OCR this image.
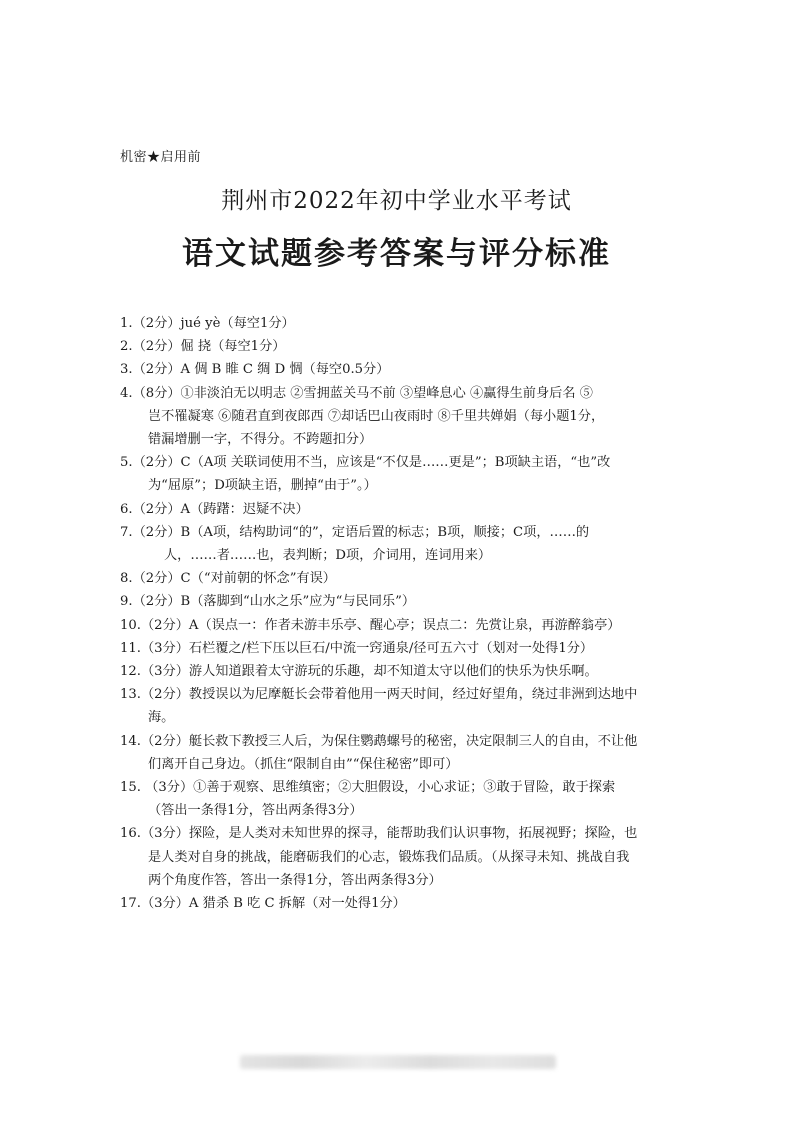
机密★启用前
荆州市2022年初中学业水平考试
语文试题参考答案与评分标准
1.（2分）jué yè（每空1分）
2.（2分）倔 挠（每空1分）
3.（2分）A 倜 B 睢 C 绸 D 惆（每空0.5分）
4.（8分）①非淡泊无以明志 ②雪拥蓝关马不前 ③望峰息心 ④赢得生前身后名 ⑤
岂不罹凝寒 ⑥随君直到夜郎西 ⑦却话巴山夜雨时 ⑧千里共婵娟（每小题1分，
错漏增删一字，不得分。不跨题扣分）
5.（2分）C（A项 关联词使用不当，应该是“不仅是……更是”；B项缺主语，“也”改
为“屈原”；D项缺主语，删掉“由于”。）
6.（2分）A（踌躇：迟疑不决）
7.（2分）B（A项，结构助词“的”，定语后置的标志；B项，顺接；C项，……的
人，……者……也，表判断；D项，介词用，连词用来）
8.（2分）C（“对前朝的怀念”有误）
9.（2分）B（落脚到“山水之乐”应为“与民同乐”）
10.（2分）A（误点一：作者未游丰乐亭、醒心亭；误点二：先赏让泉，再游醉翁亭）
11.（3分）石栏覆之/栏下压以巨石/中流一窍通泉/径可五六寸（划对一处得1分）
12.（3分）游人知道跟着太守游玩的乐趣，却不知道太守以他们的快乐为快乐啊。
13.（2分）教授误以为尼摩艇长会带着他用一两天时间，经过好望角，绕过非洲到达地中
海。
14.（2分）艇长救下教授三人后，为保住鹦鹉螺号的秘密，决定限制三人的自由，不让他
们离开自己身边。（抓住“限制自由”“保住秘密”即可）
15. （3分）①善于观察、思维缜密；②大胆假设，小心求证；③敢于冒险，敢于探索
（答出一条得1分，答出两条得3分）
16.（3分）探险，是人类对未知世界的探寻，能帮助我们认识事物，拓展视野；探险，也
是人类对自身的挑战，能磨砺我们的心志，锻炼我们品质。（从探寻未知、挑战自我
两个角度作答，答出一条得1分，答出两条得3分）
17.（3分）A 猎杀 B 吃 C 拆解（对一处得1分）
